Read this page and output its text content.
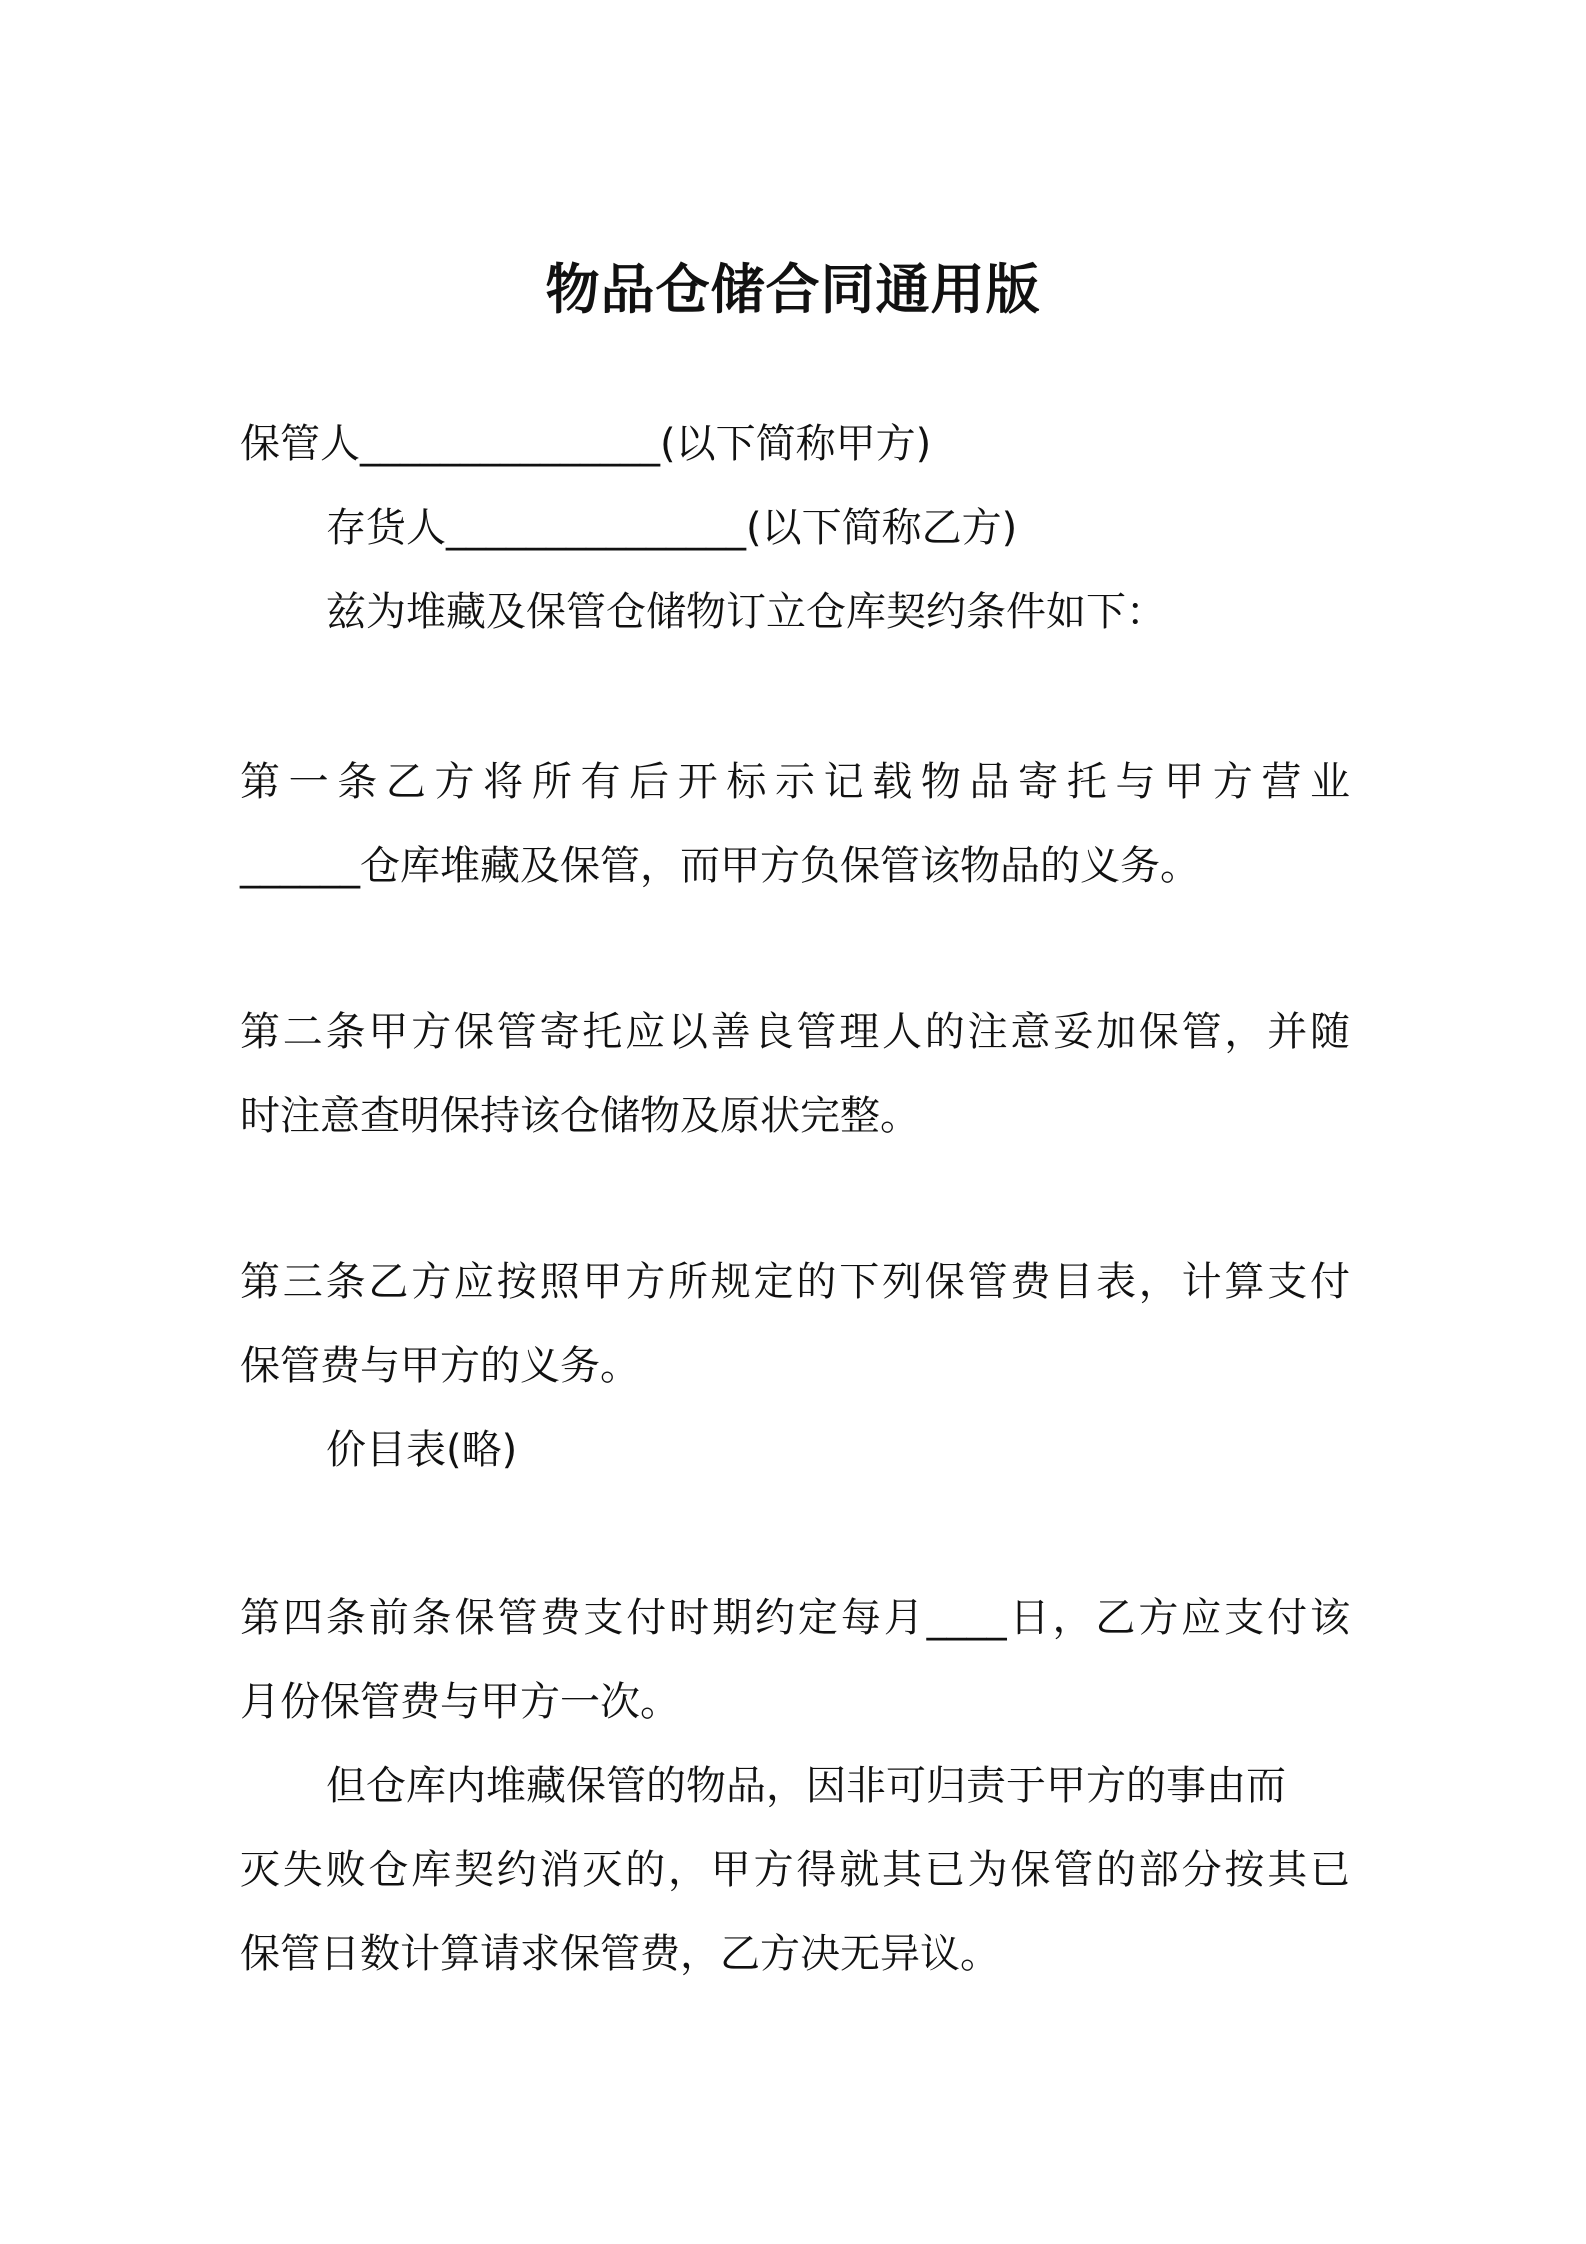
物品仓储合同通用版

保管人_______________(以下简称甲方)

存货人_______________(以下简称乙方)

兹为堆藏及保管仓储物订立仓库契约条件如下：

第一条乙方将所有后开标示记载物品寄托与甲方营业

______仓库堆藏及保管，而甲方负保管该物品的义务。

第二条甲方保管寄托应以善良管理人的注意妥加保管，并随

时注意查明保持该仓储物及原状完整。

第三条乙方应按照甲方所规定的下列保管费目表，计算支付

保管费与甲方的义务。

价目表(略)

第四条前条保管费支付时期约定每月____日，乙方应支付该

月份保管费与甲方一次。

但仓库内堆藏保管的物品，因非可归责于甲方的事由而

灭失败仓库契约消灭的，甲方得就其已为保管的部分按其已

保管日数计算请求保管费，乙方决无异议。
